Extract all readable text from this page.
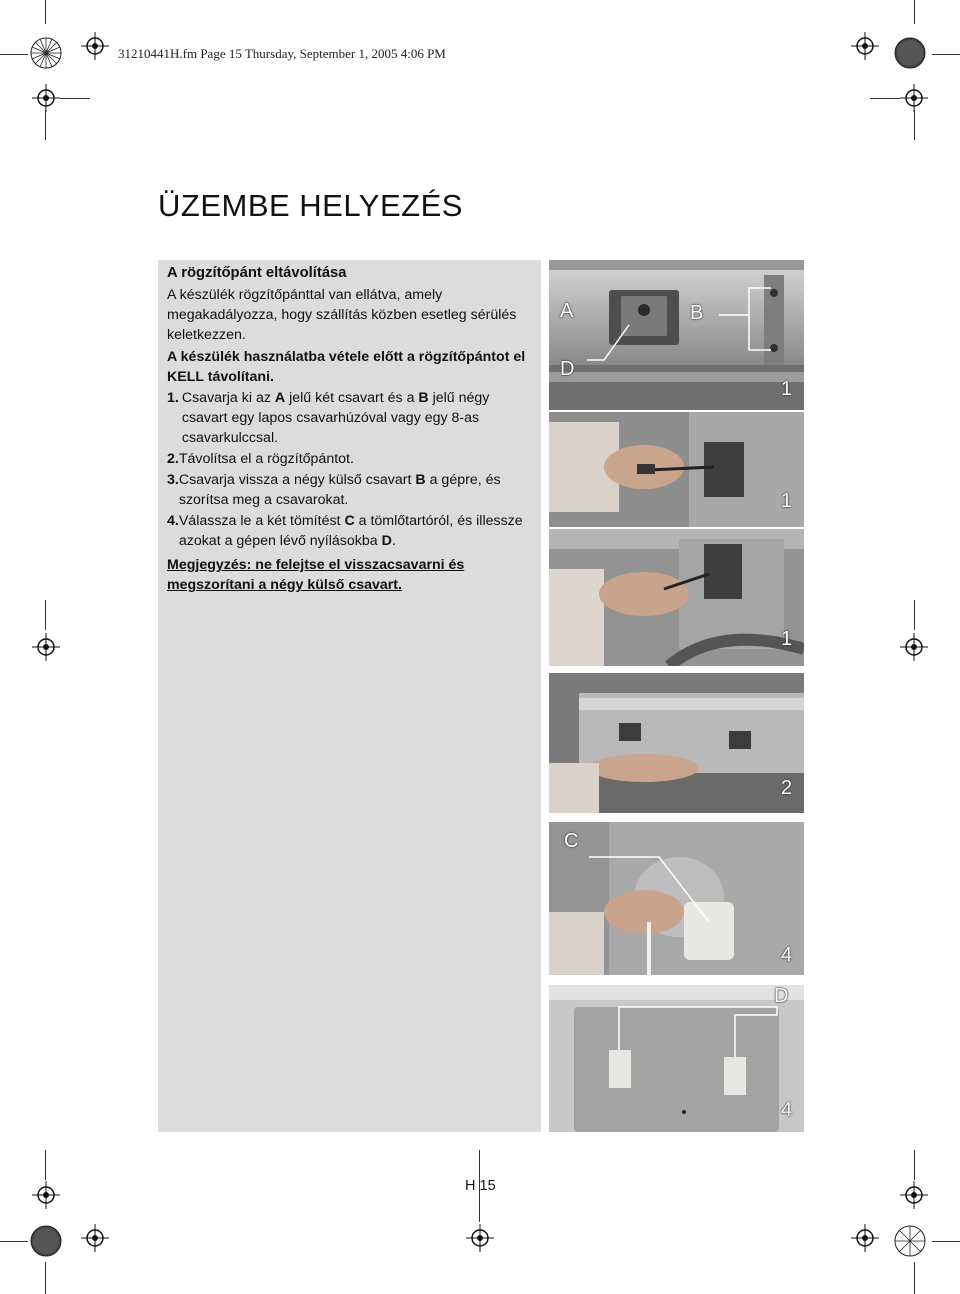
31210441H.fm Page 15 Thursday, September 1, 2005 4:06 PM
ÜZEMBE HELYEZÉS

A rögzítőpánt eltávolítása

A készülék rögzítőpánttal van ellátva, amely megakadályozza, hogy szállítás közben esetleg sérülés keletkezzen.

A készülék használatba vétele előtt a rögzítőpántot el KELL távolítani.

1. Csavarja ki az A jelű két csavart és a B jelű négy csavart egy lapos csavarhúzóval vagy egy 8-as csavarkulccsal.

2. Távolítsa el a rögzítőpántot.

3. Csavarja vissza a négy külső csavart B a gépre, és szorítsa meg a csavarokat.

4. Válassza le a két tömítést C a tömlőtartóról, és illessze azokat a gépen lévő nyílásokba D.

Megjegyzés: ne felejtse el visszacsavarni és megszorítani a négy külső csavart.

A	B
D
1
1
1
2
C
4
D
4
H 15
